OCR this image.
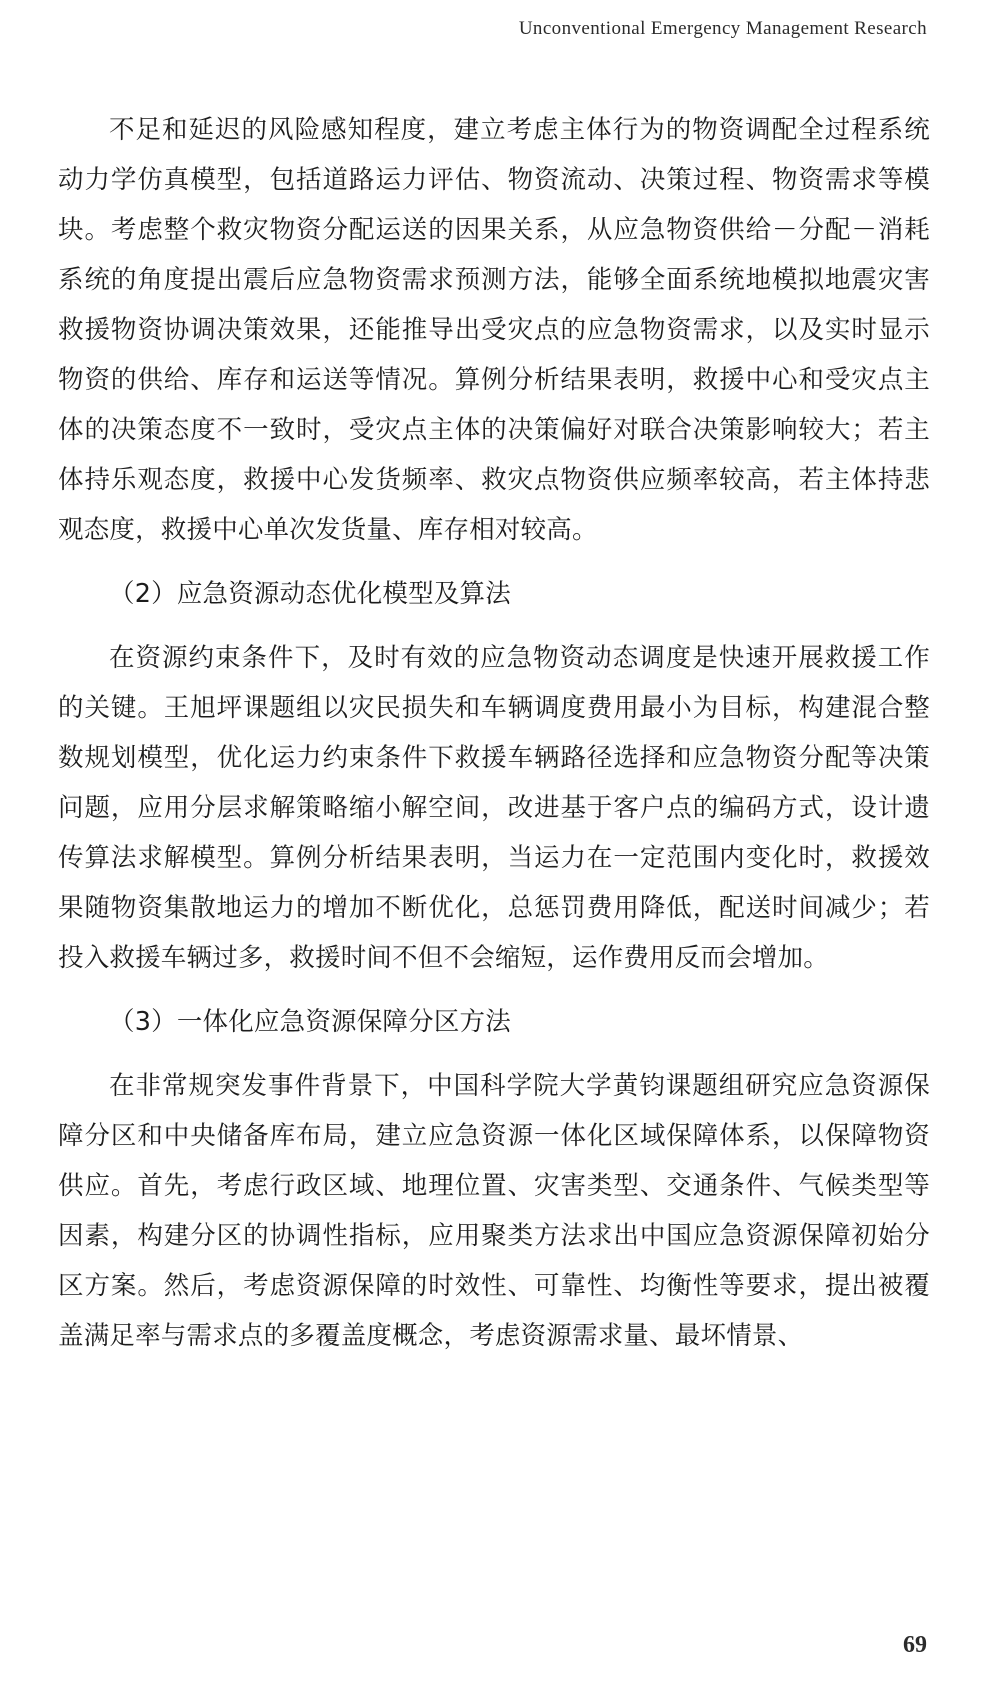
Unconventional Emergency Management Research

不足和延迟的风险感知程度，建立考虑主体行为的物资调配全过程系统动力学仿真模型，包括道路运力评估、物资流动、决策过程、物资需求等模块。考虑整个救灾物资分配运送的因果关系，从应急物资供给－分配－消耗系统的角度提出震后应急物资需求预测方法，能够全面系统地模拟地震灾害救援物资协调决策效果，还能推导出受灾点的应急物资需求，以及实时显示物资的供给、库存和运送等情况。算例分析结果表明，救援中心和受灾点主体的决策态度不一致时，受灾点主体的决策偏好对联合决策影响较大；若主体持乐观态度，救援中心发货频率、救灾点物资供应频率较高，若主体持悲观态度，救援中心单次发货量、库存相对较高。

（2）应急资源动态优化模型及算法

在资源约束条件下，及时有效的应急物资动态调度是快速开展救援工作的关键。王旭坪课题组以灾民损失和车辆调度费用最小为目标，构建混合整数规划模型，优化运力约束条件下救援车辆路径选择和应急物资分配等决策问题，应用分层求解策略缩小解空间，改进基于客户点的编码方式，设计遗传算法求解模型。算例分析结果表明，当运力在一定范围内变化时，救援效果随物资集散地运力的增加不断优化，总惩罚费用降低，配送时间减少；若投入救援车辆过多，救援时间不但不会缩短，运作费用反而会增加。

（3）一体化应急资源保障分区方法

在非常规突发事件背景下，中国科学院大学黄钧课题组研究应急资源保障分区和中央储备库布局，建立应急资源一体化区域保障体系，以保障物资供应。首先，考虑行政区域、地理位置、灾害类型、交通条件、气候类型等因素，构建分区的协调性指标，应用聚类方法求出中国应急资源保障初始分区方案。然后，考虑资源保障的时效性、可靠性、均衡性等要求，提出被覆盖满足率与需求点的多覆盖度概念，考虑资源需求量、最坏情景、

69
